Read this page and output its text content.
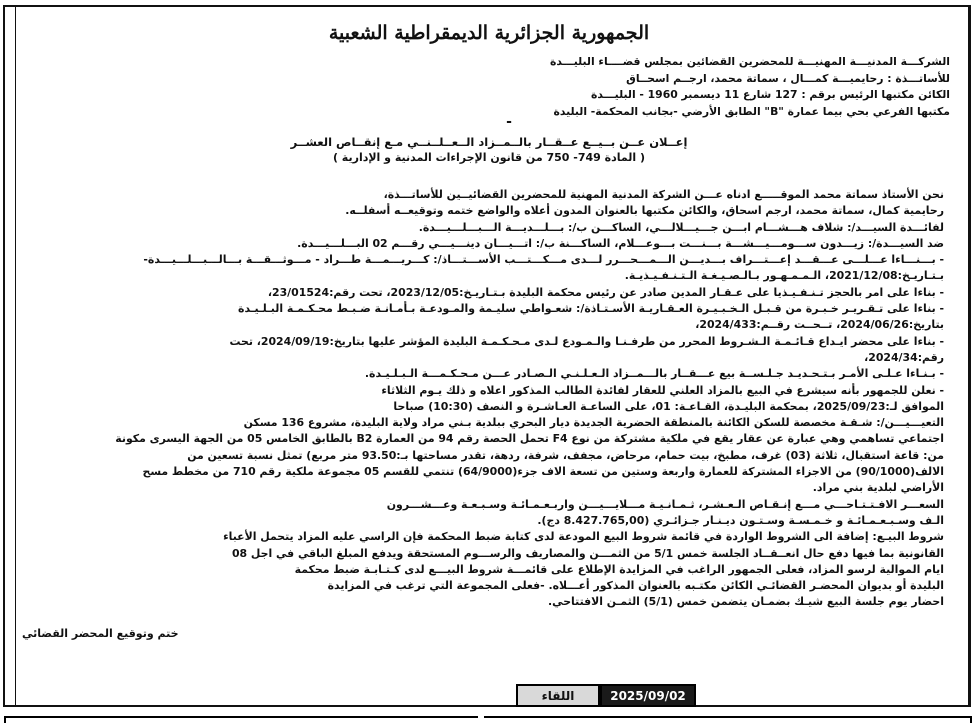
الجمهورية الجزائرية الديمقراطية الشعبية
الشركـــة المدنيـــة المهنيـــة للمحضرين القضائين بمجلس قضــــاء البليـــدة
للأساتـــذة : رحايميـــة كمـــال ، سماتة محمد، ارجــم اسحــاق
الكائن مكتبها الرئيس برقم : 127 شارع 11 ديسمبر 1960 - البليـــدة
مكتبها الفرعي بحي بيما عمارة "B" الطابق الأرضي -بجانب المحكمة- البليدة
-
إعــلان عــن بــيــع عــقــار بالــمــزاد الــعــلــنــي مـع إنقــاص العشــر
( المادة 749- 750 من قانون الإجراءات المدنية و الإدارية )
نحن الأستاذ سماتة محمد الموقـــــع ادناه عـــن الشركة المدنية المهنية للمحضرين القضائيــين للأساتـــذة،
رحايمية كمال، سماتة محمد، ارجم اسحاق، والكائن مكتبها بالعنوان المدون أعلاه والواضع ختمه وتوقيعــه أسفلــه.
لفائـــدة السيـــد/: شلاف هـــشـــام ابـــن جـــيـــلالـــي، الساكـــن ب/: بـــلـــديـــة الـــبـــلـــيـــدة.
ضد السيـــدة/: زيـــدون ســـومـــيـــشـــة بـــنـــت بـــوعـــلام، الساكـــنة ب/: اتـــيـــان دينـــيـــي رقـــم 02 البـــلـــيـــدة.
- بـــنـــاءا عـــلـــى عـــقـــد إعـــتـــراف بـــديـــن الـــمـــحـــرر لـــدى مـــكـــتـــب الأســـتـــاذ/: كـــريـــمـــة طـــراد - مـــوثـــقـــة بـــالـــبـــلـــيـــدة-
بـتـاريـخ:2021/12/08، الـمـمـهـور بـالـصـيـغـة الـتـنـفـيـذيـة.
- بناءا على امر بالحجز تـنـفـيـذيا على عـقـار المدين صادر عن رئيس محكمة البليدة بـتـاريـخ:2023/12/05، تحت رقم:23/01524،
- بناءا على تـقـريـر خـبـرة من قـبـل الـخـبـيـرة العـقـاريـة الأسـتـاذة/: شعـواطي سليـمة والمـودعـة بـأمـانـة ضـبـط محـكـمـة البـلـيـدة
بتاريخ:2024/06/26، تــحــت رقــم:2024/433،
- بناءا على محضر ايـداع قـائـمـة الـشـروط المحرر من طرفـنـا والـمـودع لـدى مـحـكـمـة البليدة المؤشر عليها بتاريخ:2024/09/19، تحت
رقم:2024/34،
- بـنـاءا عـلـى الأمـر بـتـحـديـد جـلـســة بيع عـــقــار بالـــمــزاد الـعـلـنـي الـصـادر عـــن مـحـكـمـــة الـبـلـيـدة.
- نعلن للجمهور بأنه سيشرع في البيع بالمزاد العلني للعقار لفائدة الطالب المذكور اعلاه و ذلك يـوم الثلاثاء
الموافق لـ:2025/09/23، بمحكمة البليـدة، القـاعـة: 01، على الساعـة العـاشـرة و النصف (10:30) صباحا
التعيـــيـــن/: شـقـة مخصصة للسكن الكائنة بالمنطقة الحضرية الجديدة ديار البحري ببلدية بـني مراد ولاية البليدة، مشروع 136 مسكن
اجتماعي تساهمي وهي عبارة عن عقار يقع في ملكية مشتركة من نوع F4 تحمل الحصة رقم 94 من العمارة B2 بالطابق الخامس 05 من الجهة اليسرى مكونة
من: قاعة استقبال، ثلاثة (03) غرف، مطبخ، بيت حمام، مرحاض، مجفف، شرفة، ردهة، تقدر مساحتها بـ:93.50 متر مربع) تمثل نسبة تسعين من
الالف(90/1000) من الاجزاء المشتركة للعمارة واربعة وستين من تسعة الاف جزء(64/9000) تنتمي للقسم 05 مجموعة ملكية رقم 710 من مخطط مسح
الأراضي لبلدية بني مراد.
السعـــر الافـتـتـاحـــي مـــع إنـقـاص الـعـشـر، ثـمـانـيـة مـــلايـــيـــن واربـعـمـائـة وسـبـعـة وعـــشـــرون
الـف وسـبـعـمـائـة و خـمـسـة وسـتـون ديـنـار جـزائـري (8.427.765,00 دج).
شروط البيـع: إضافة الى الشروط الواردة في قائمة شروط البيع المودعة لدى كتابة ضبط المحكمة فإن الراسي عليه المزاد يتحمل الأعباء
القانونية بما فيها دفع حال انعــقــاد الجلسة خمس 5/1 من الثمـــن والمصاريف والرســـوم المستحقة ويدفع المبلغ الباقي في اجل 08
ايام الموالية لرسو المزاد، فعلى الجمهور الراغب في المزايدة الإطلاع على قائمـــة شروط البيـــع لدى كـتـابـة ضبط محكمة
البليدة أو بديوان المحضـر القضائـي الكائن مكتـبه بالعنوان المذكور أعـــلاه. -فعلى المجموعة التي ترغب في المزايدة
احضار يوم جلسة البيع شيـك بضمـان يتضمن خمس (5/1) الثمـن الافتتاحي.
ختم وتوقيع المحضر القضائي
اللقاء	2025/09/02
